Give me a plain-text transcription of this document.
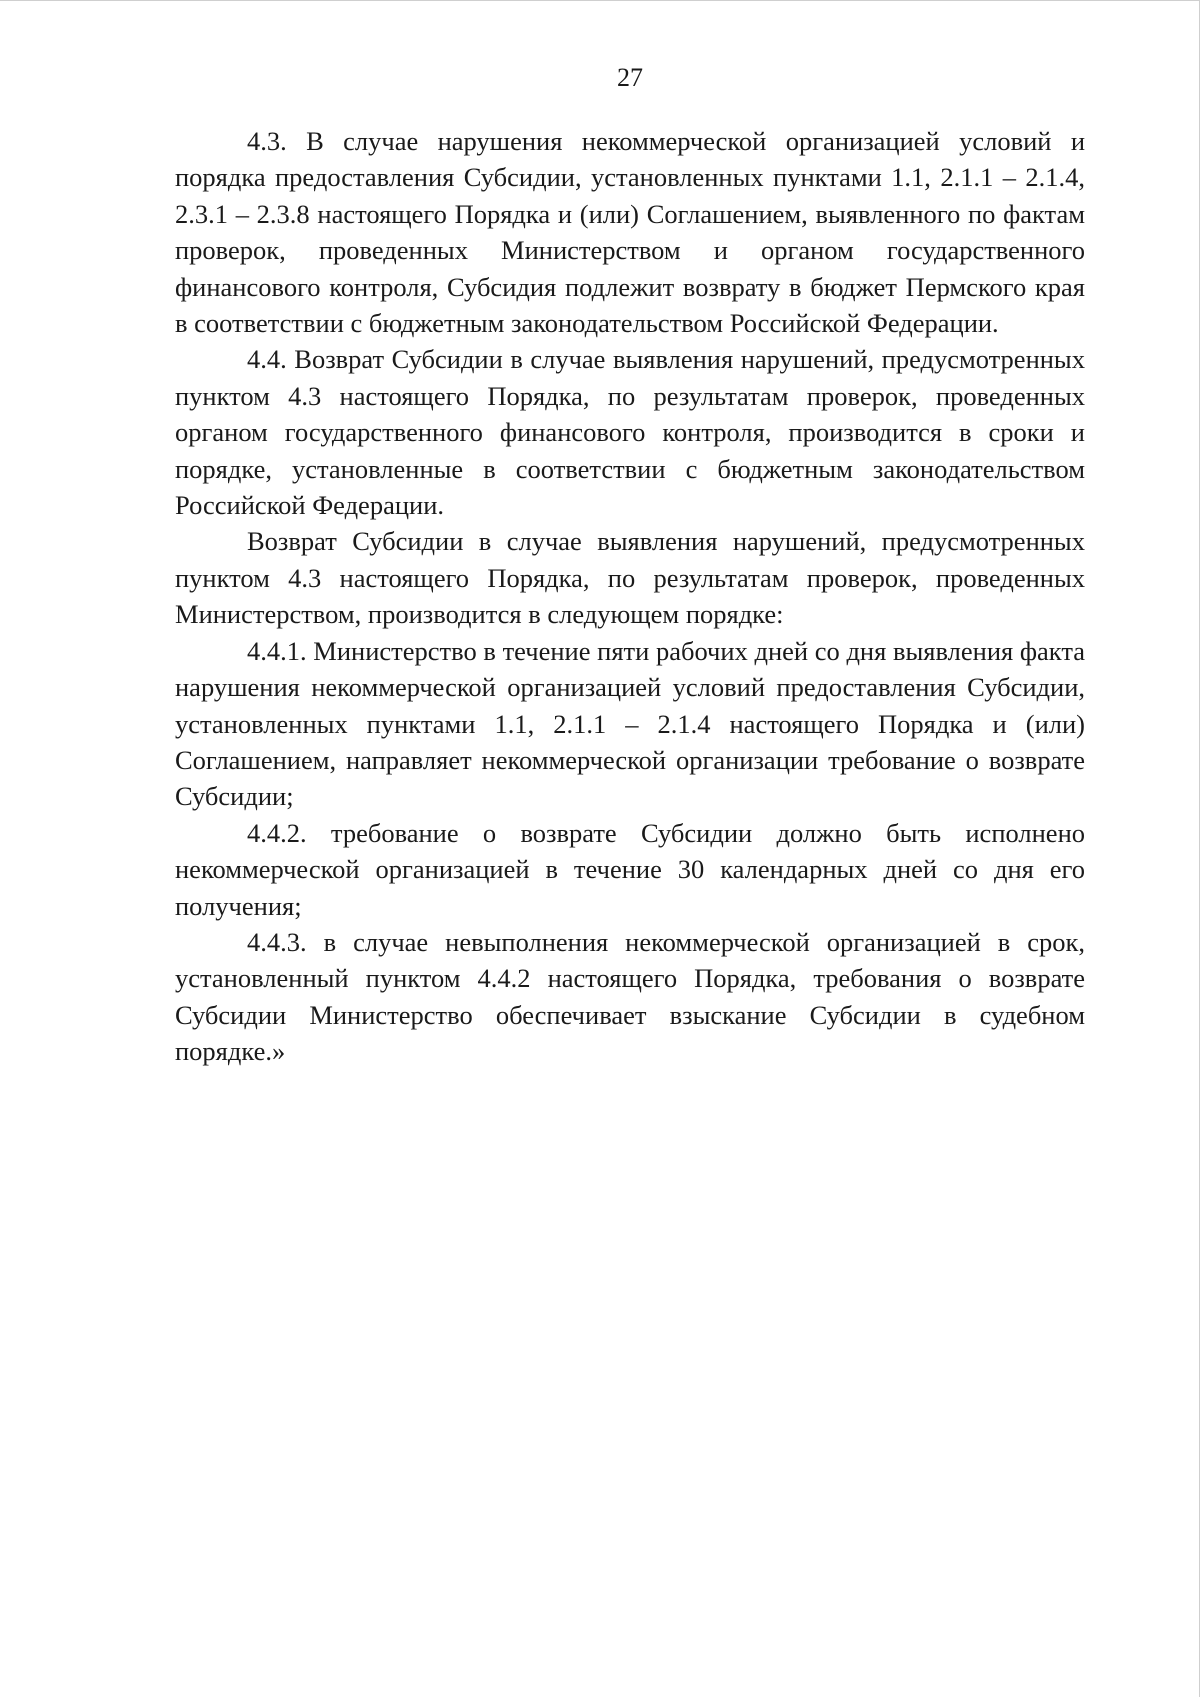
27

4.3. В случае нарушения некоммерческой организацией условий и порядка предоставления Субсидии, установленных пунктами 1.1, 2.1.1 – 2.1.4, 2.3.1 – 2.3.8 настоящего Порядка и (или) Соглашением, выявленного по фактам проверок, проведенных Министерством и органом государственного финансового контроля, Субсидия подлежит возврату в бюджет Пермского края в соответствии с бюджетным законодательством Российской Федерации.

4.4. Возврат Субсидии в случае выявления нарушений, предусмотренных пунктом 4.3 настоящего Порядка, по результатам проверок, проведенных органом государственного финансового контроля, производится в сроки и порядке, установленные в соответствии с бюджетным законодательством Российской Федерации.

Возврат Субсидии в случае выявления нарушений, предусмотренных пунктом 4.3 настоящего Порядка, по результатам проверок, проведенных Министерством, производится в следующем порядке:

4.4.1. Министерство в течение пяти рабочих дней со дня выявления факта нарушения некоммерческой организацией условий предоставления Субсидии, установленных пунктами 1.1, 2.1.1 – 2.1.4 настоящего Порядка и (или) Соглашением, направляет некоммерческой организации требование о возврате Субсидии;

4.4.2. требование о возврате Субсидии должно быть исполнено некоммерческой организацией в течение 30 календарных дней со дня его получения;

4.4.3. в случае невыполнения некоммерческой организацией в срок, установленный пунктом 4.4.2 настоящего Порядка, требования о возврате Субсидии Министерство обеспечивает взыскание Субсидии в судебном порядке.»
